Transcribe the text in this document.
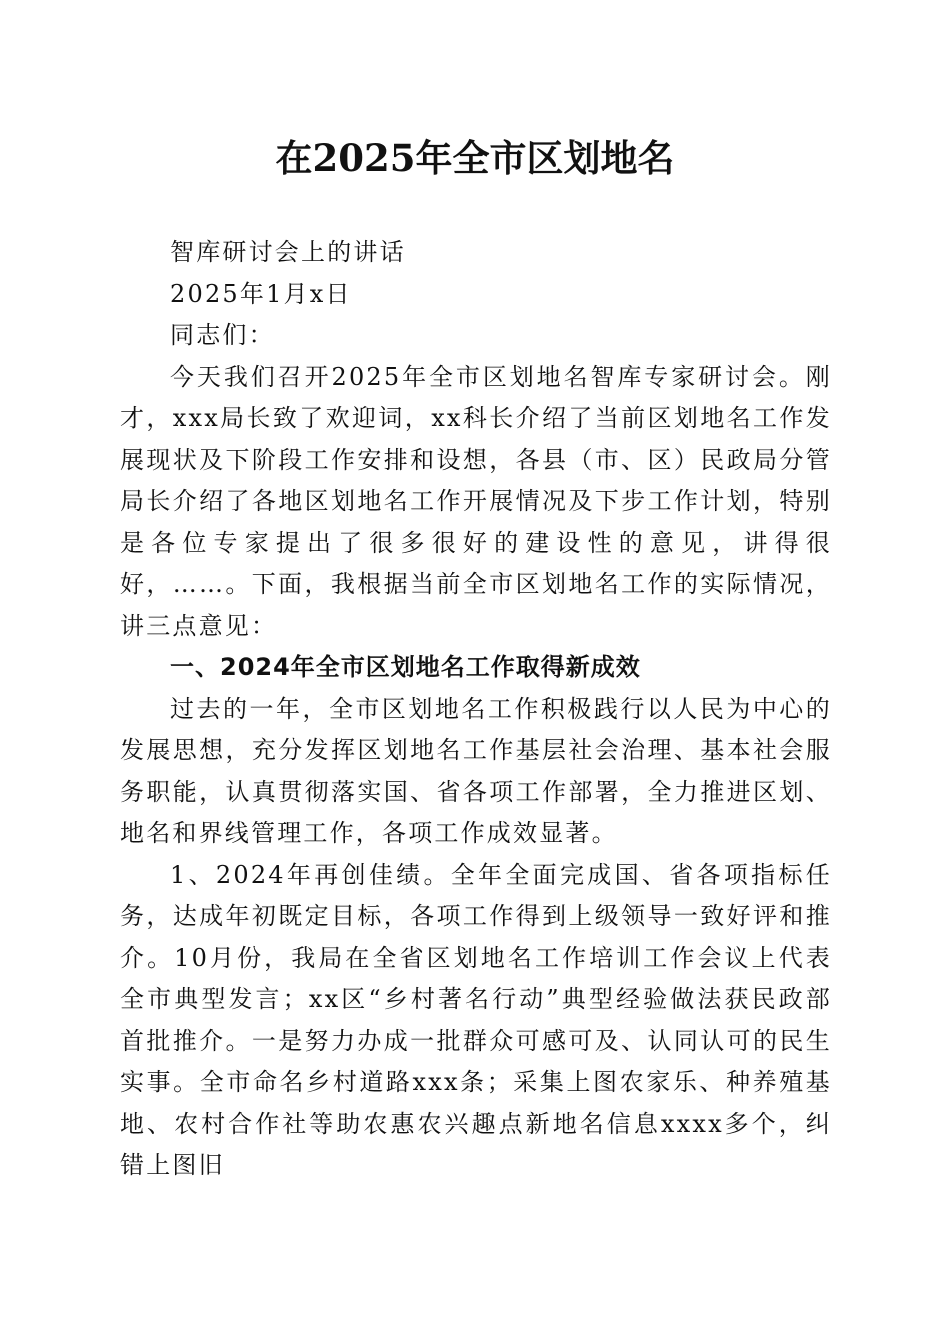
在2025年全市区划地名

智库研讨会上的讲话

2025年1月x日

同志们：

今天我们召开2025年全市区划地名智库专家研讨会。刚才，xxx局长致了欢迎词，xx科长介绍了当前区划地名工作发展现状及下阶段工作安排和设想，各县（市、区）民政局分管局长介绍了各地区划地名工作开展情况及下步工作计划，特别是各位专家提出了很多很好的建设性的意见，讲得很好，……。下面，我根据当前全市区划地名工作的实际情况，讲三点意见：

一、2024年全市区划地名工作取得新成效

过去的一年，全市区划地名工作积极践行以人民为中心的发展思想，充分发挥区划地名工作基层社会治理、基本社会服务职能，认真贯彻落实国、省各项工作部署，全力推进区划、地名和界线管理工作，各项工作成效显著。

1、2024年再创佳绩。全年全面完成国、省各项指标任务，达成年初既定目标，各项工作得到上级领导一致好评和推介。10月份，我局在全省区划地名工作培训工作会议上代表全市典型发言；xx区“乡村著名行动”典型经验做法获民政部首批推介。一是努力办成一批群众可感可及、认同认可的民生实事。全市命名乡村道路xxx条；采集上图农家乐、种养殖基地、农村合作社等助农惠农兴趣点新地名信息xxxx多个，纠错上图旧
